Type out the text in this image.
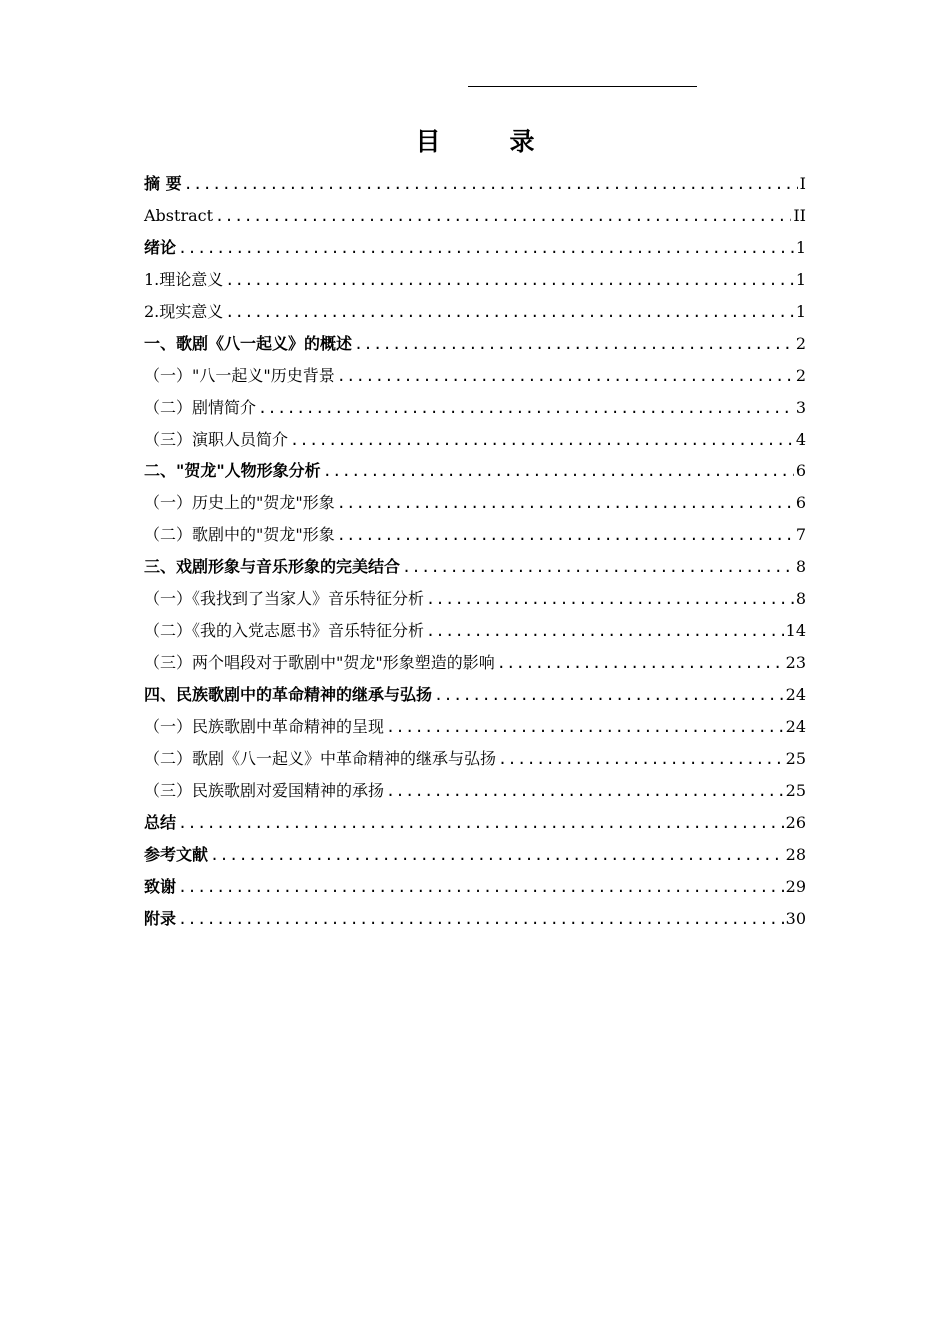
目　录
摘 要 .....	I
Abstract .....	II
绪论 .....	1
1.理论意义 .....	1
2.现实意义 .....	1
一、歌剧《八一起义》的概述 .....	2
（一）"八一起义"历史背景 .....	2
（二）剧情简介 .....	3
（三）演职人员简介 .....	4
二、"贺龙"人物形象分析 .....	6
（一）历史上的"贺龙"形象 .....	6
（二）歌剧中的"贺龙"形象 .....	7
三、戏剧形象与音乐形象的完美结合 .....	8
（一）《我找到了当家人》音乐特征分析 .....	8
（二）《我的入党志愿书》音乐特征分析 .....	14
（三）两个唱段对于歌剧中"贺龙"形象塑造的影响 .....	23
四、民族歌剧中的革命精神的继承与弘扬 .....	24
（一）民族歌剧中革命精神的呈现 .....	24
（二）歌剧《八一起义》中革命精神的继承与弘扬 .....	25
（三）民族歌剧对爱国精神的承扬 .....	25
总结 .....	26
参考文献 .....	28
致谢 .....	29
附录 .....	30
